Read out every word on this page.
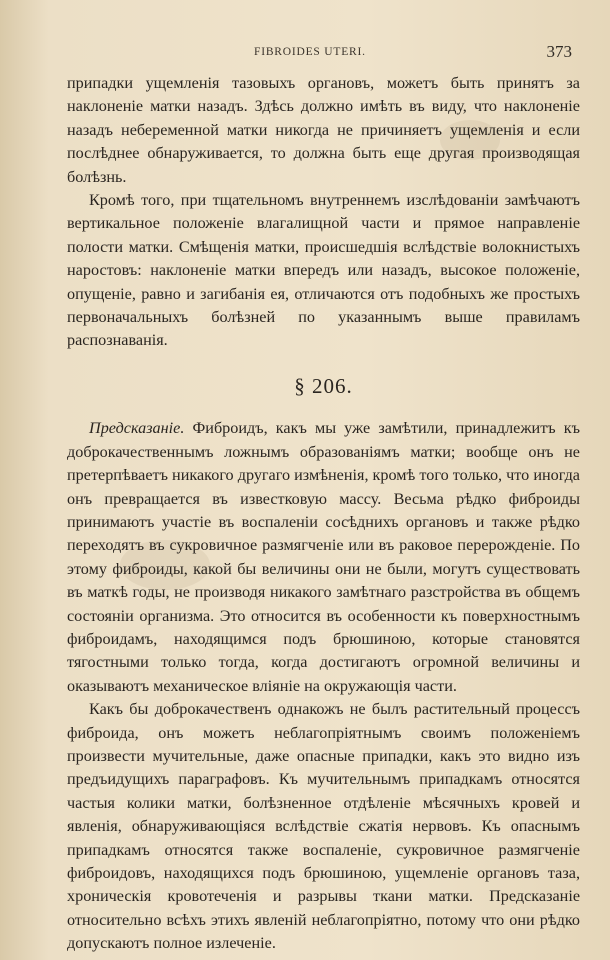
FIBROIDES UTERI.	373

припадки ущемленія тазовыхъ органовъ, можетъ быть принятъ за наклоненіе матки назадъ. Здѣсь должно имѣть въ виду, что наклоненіе назадъ небеременной матки никогда не причиняетъ ущемленія и если послѣднее обнаруживается, то должна быть еще другая производящая болѣзнь.

Кромѣ того, при тщательномъ внутреннемъ изслѣдованіи замѣчаютъ вертикальное положеніе влагалищной части и прямое направленіе полости матки. Смѣщенія матки, происшедшія вслѣдствіе волокнистыхъ наростовъ: наклоненіе матки впередъ или назадъ, высокое положеніе, опущеніе, равно и загибанія ея, отличаются отъ подобныхъ же простыхъ первоначальныхъ болѣзней по указаннымъ выше правиламъ распознаванія.

§ 206.

Предсказаніе. Фиброидъ, какъ мы уже замѣтили, принадлежитъ къ доброкачественнымъ ложнымъ образованіямъ матки; вообще онъ не претерпѣваетъ никакого другаго измѣненія, кромѣ того только, что иногда онъ превращается въ известковую массу. Весьма рѣдко фиброиды принимаютъ участіе въ воспаленіи сосѣднихъ органовъ и также рѣдко переходятъ въ сукровичное размягченіе или въ раковое перерожденіе. По этому фиброиды, какой бы величины они не были, могутъ существовать въ маткѣ годы, не производя никакого замѣтнаго разстройства въ общемъ состояніи организма. Это относится въ особенности къ поверхностнымъ фиброидамъ, находящимся подъ брюшиною, которые становятся тягостными только тогда, когда достигаютъ огромной величины и оказываютъ механическое вліяніе на окружающія части.

Какъ бы доброкачественъ однакожъ не былъ растительный процессъ фиброида, онъ можетъ неблагопріятнымъ своимъ положеніемъ произвести мучительные, даже опасные припадки, какъ это видно изъ предъидущихъ параграфовъ. Къ мучительнымъ припадкамъ относятся частыя колики матки, болѣзненное отдѣленіе мѣсячныхъ кровей и явленія, обнаруживающіяся вслѣдствіе сжатія нервовъ. Къ опаснымъ припадкамъ относятся также воспаленіе, сукровичное размягченіе фиброидовъ, находящихся подъ брюшиною, ущемленіе органовъ таза, хроническія кровотеченія и разрывы ткани матки. Предсказаніе относительно всѣхъ этихъ явленій неблагопріятно, потому что они рѣдко допускаютъ полное излеченіе.
